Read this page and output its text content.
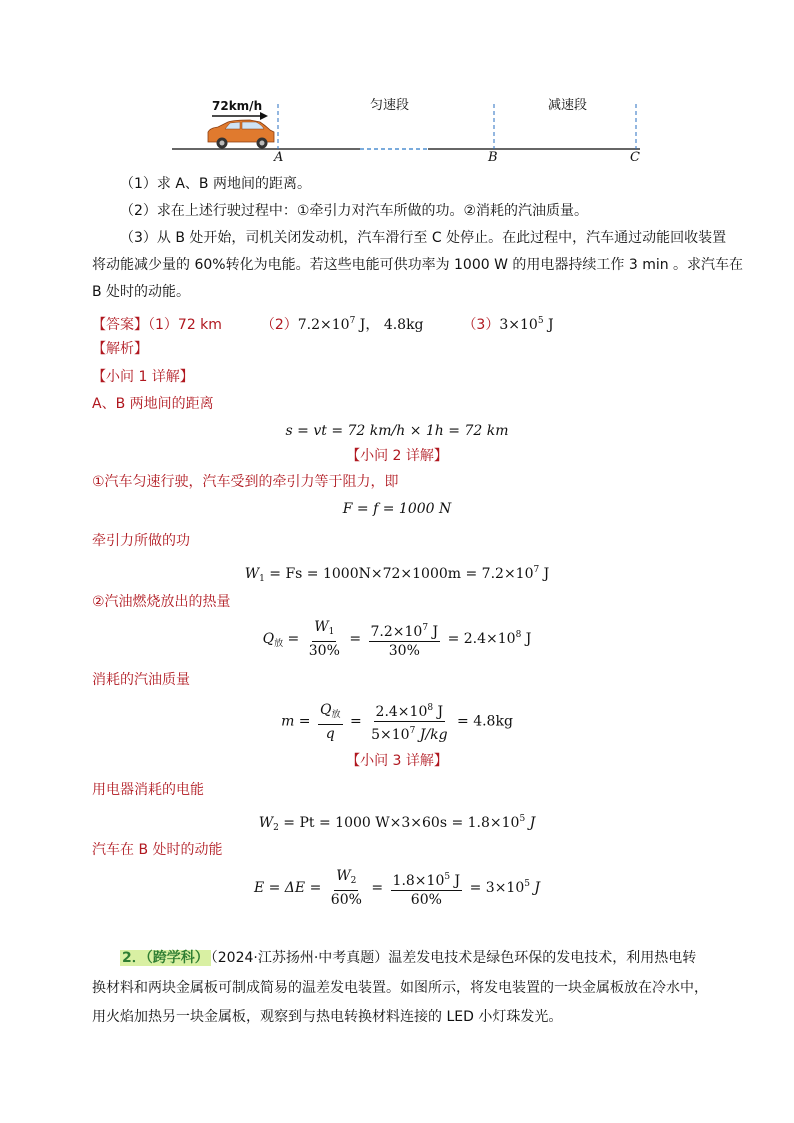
72km/h	匀速段	减速段
A	B	C
（1）求 A、B 两地间的距离。
（2）求在上述行驶过程中：①牵引力对汽车所做的功。②消耗的汽油质量。
（3）从 B 处开始，司机关闭发动机，汽车滑行至 C 处停止。在此过程中，汽车通过动能回收装置
将动能减少量的 60%转化为电能。若这些电能可供功率为 1000 W 的用电器持续工作 3 min 。求汽车在
B 处时的动能。
【答案】（1）72 km	$(2)7.2\times 10^7$ J， 4.8kg	$(3)3\times 10^5$ J
【解析】
【小问 1 详解】
A、B 两地间的距离
s = vt = 72 km/h × 1h = 72 km
【小问 2 详解】
①汽车匀速行驶，汽车受到的牵引力等于阻力，即
F = f = 1000 N
牵引力所做的功
$W_1 = Fs = 1000N\times 72\times 1000m = 7.2\times 10^7$ J
②汽油燃烧放出的热量
$Q_放 = \frac{W_1}{30\%} = \frac{7.2\times 10^7 J}{30\%} = 2.4\times 10^8$ J
消耗的汽油质量
$m = \frac{Q_放}{q} = \frac{2.4\times 10^8 J}{5\times 10^7 J/kg} = 4.8kg$
【小问 3 详解】
用电器消耗的电能
$W_2 = Pt = 1000$ $W\times 3\times 60s = 1.8\times 10^5$ J
汽车在 B 处时的动能
$E = \Delta E = \frac{W_2}{60\%} = \frac{1.8\times 10^5 J}{60\%} = 3\times 10^5$ J
2．（跨学科） （2024·江苏扬州·中考真题）温差发电技术是绿色环保的发电技术，利用热电转
换材料和两块金属板可制成简易的温差发电装置。如图所示，将发电装置的一块金属板放在冷水中，
用火焰加热另一块金属板，观察到与热电转换材料连接的 LED 小灯珠发光。
